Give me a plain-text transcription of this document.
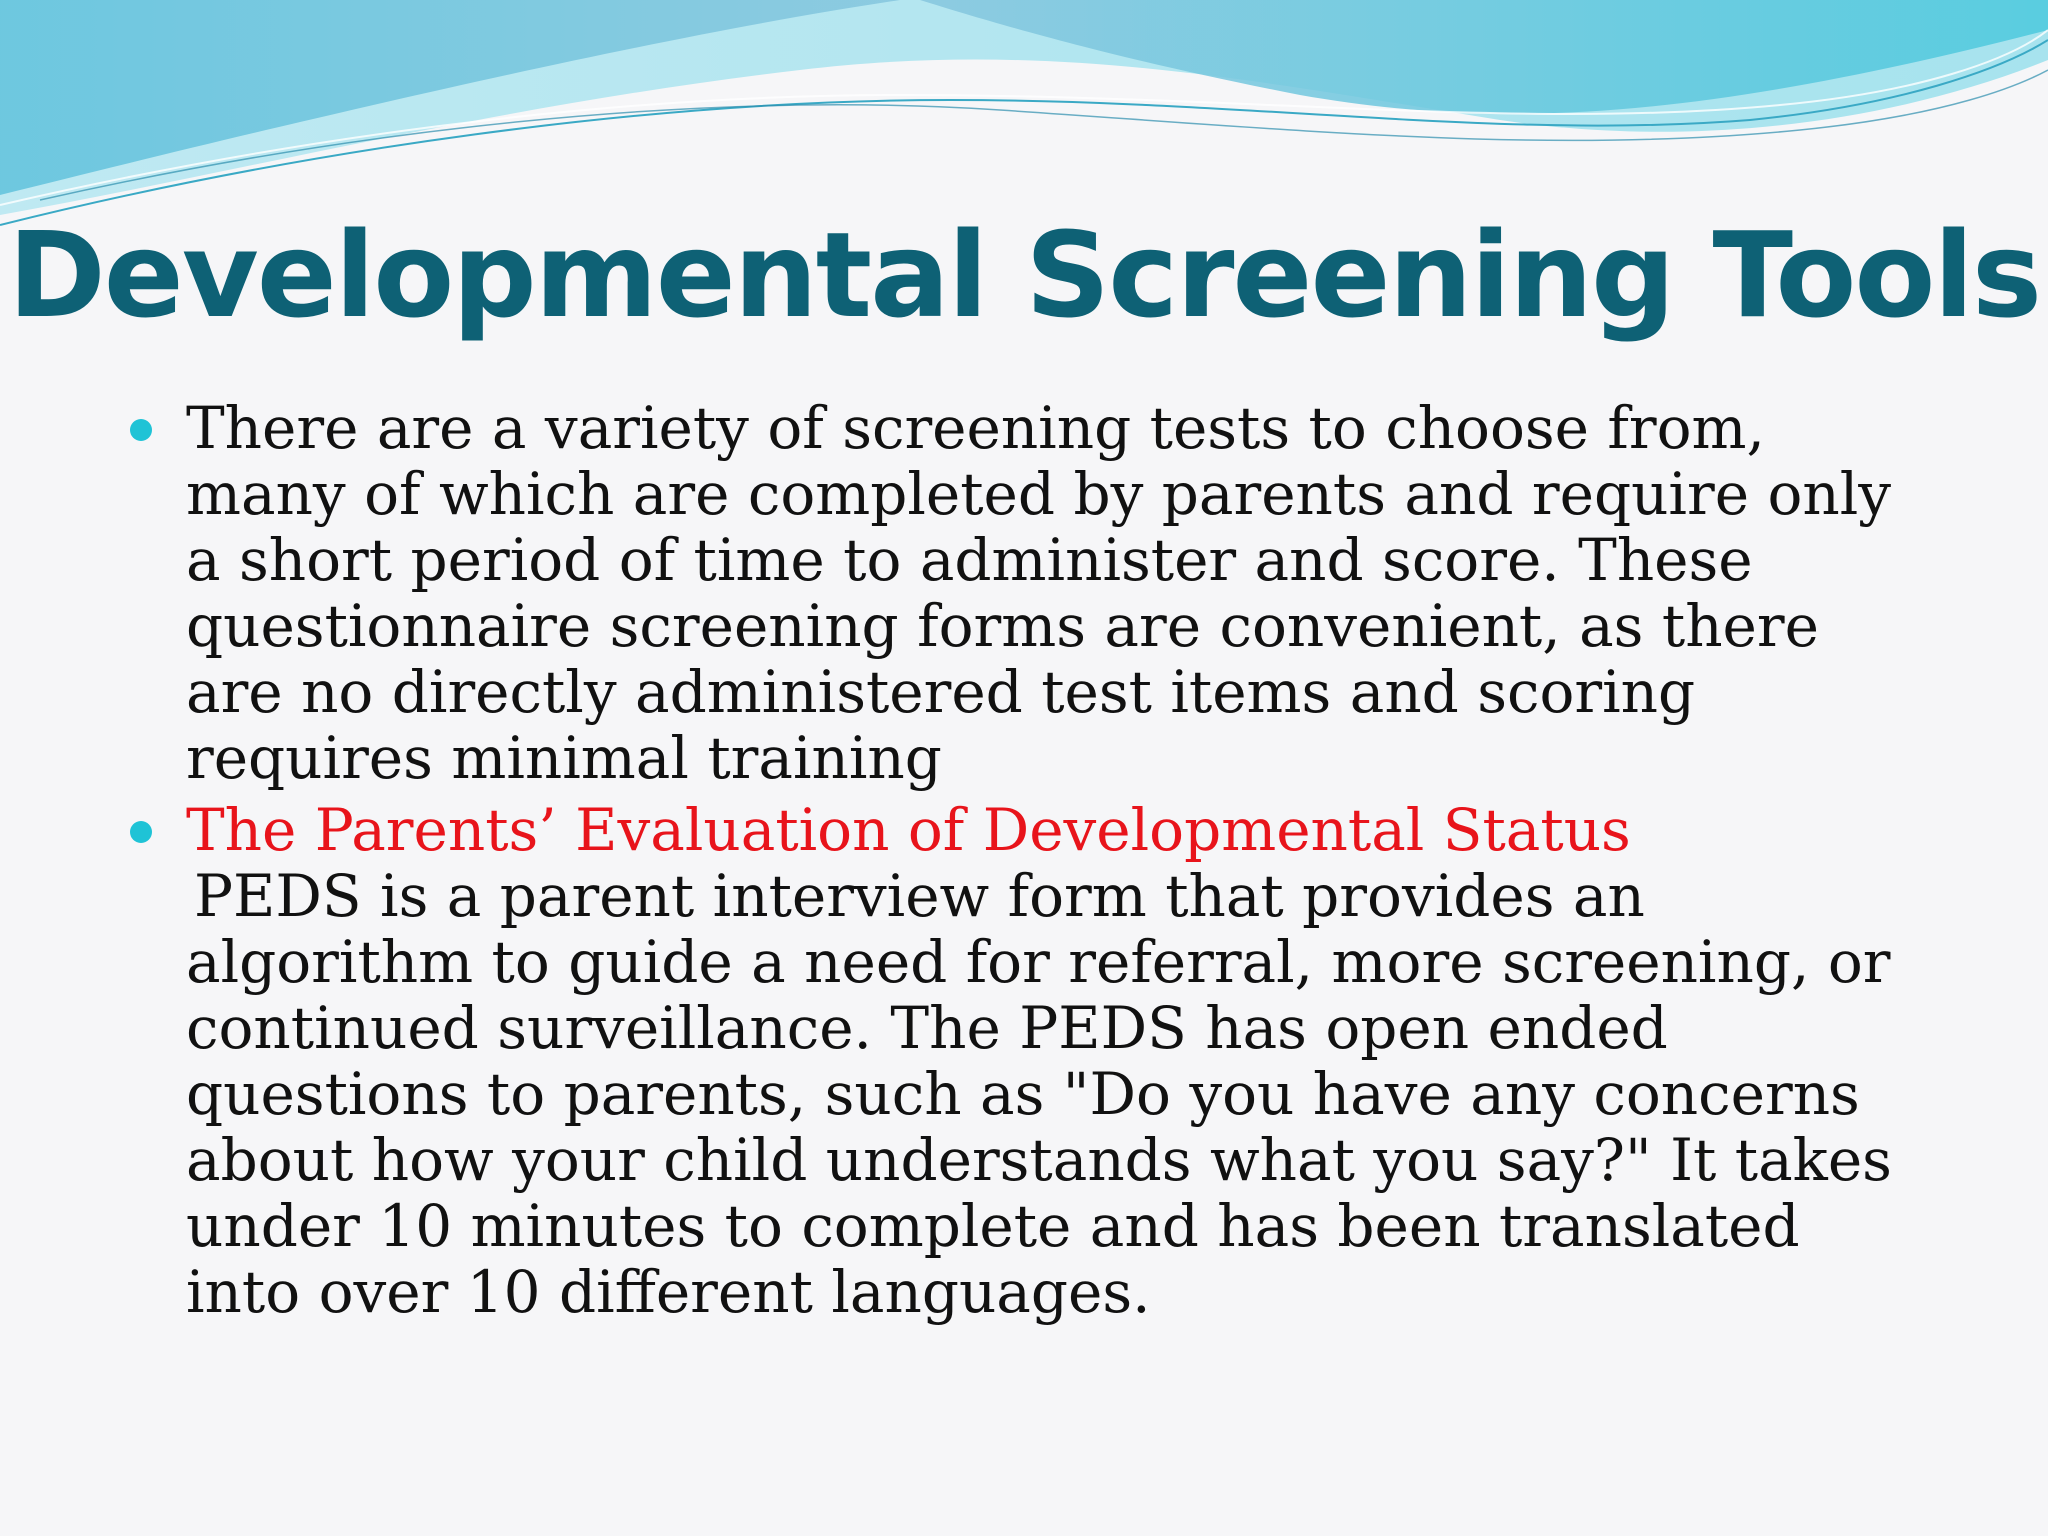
Developmental Screening Tools
There are a variety of screening tests to choose from, many of which are completed by parents and require only a short period of time to administer and score. These questionnaire screening forms are convenient, as there are no directly administered test items and scoring requires minimal training
The Parents’ Evaluation of Developmental Status
PEDS is a parent interview form that provides an algorithm to guide a need for referral, more screening, or continued surveillance. The PEDS has open ended questions to parents, such as "Do you have any concerns about how your child understands what you say?" It takes under 10 minutes to complete and has been translated into over 10 different languages.
